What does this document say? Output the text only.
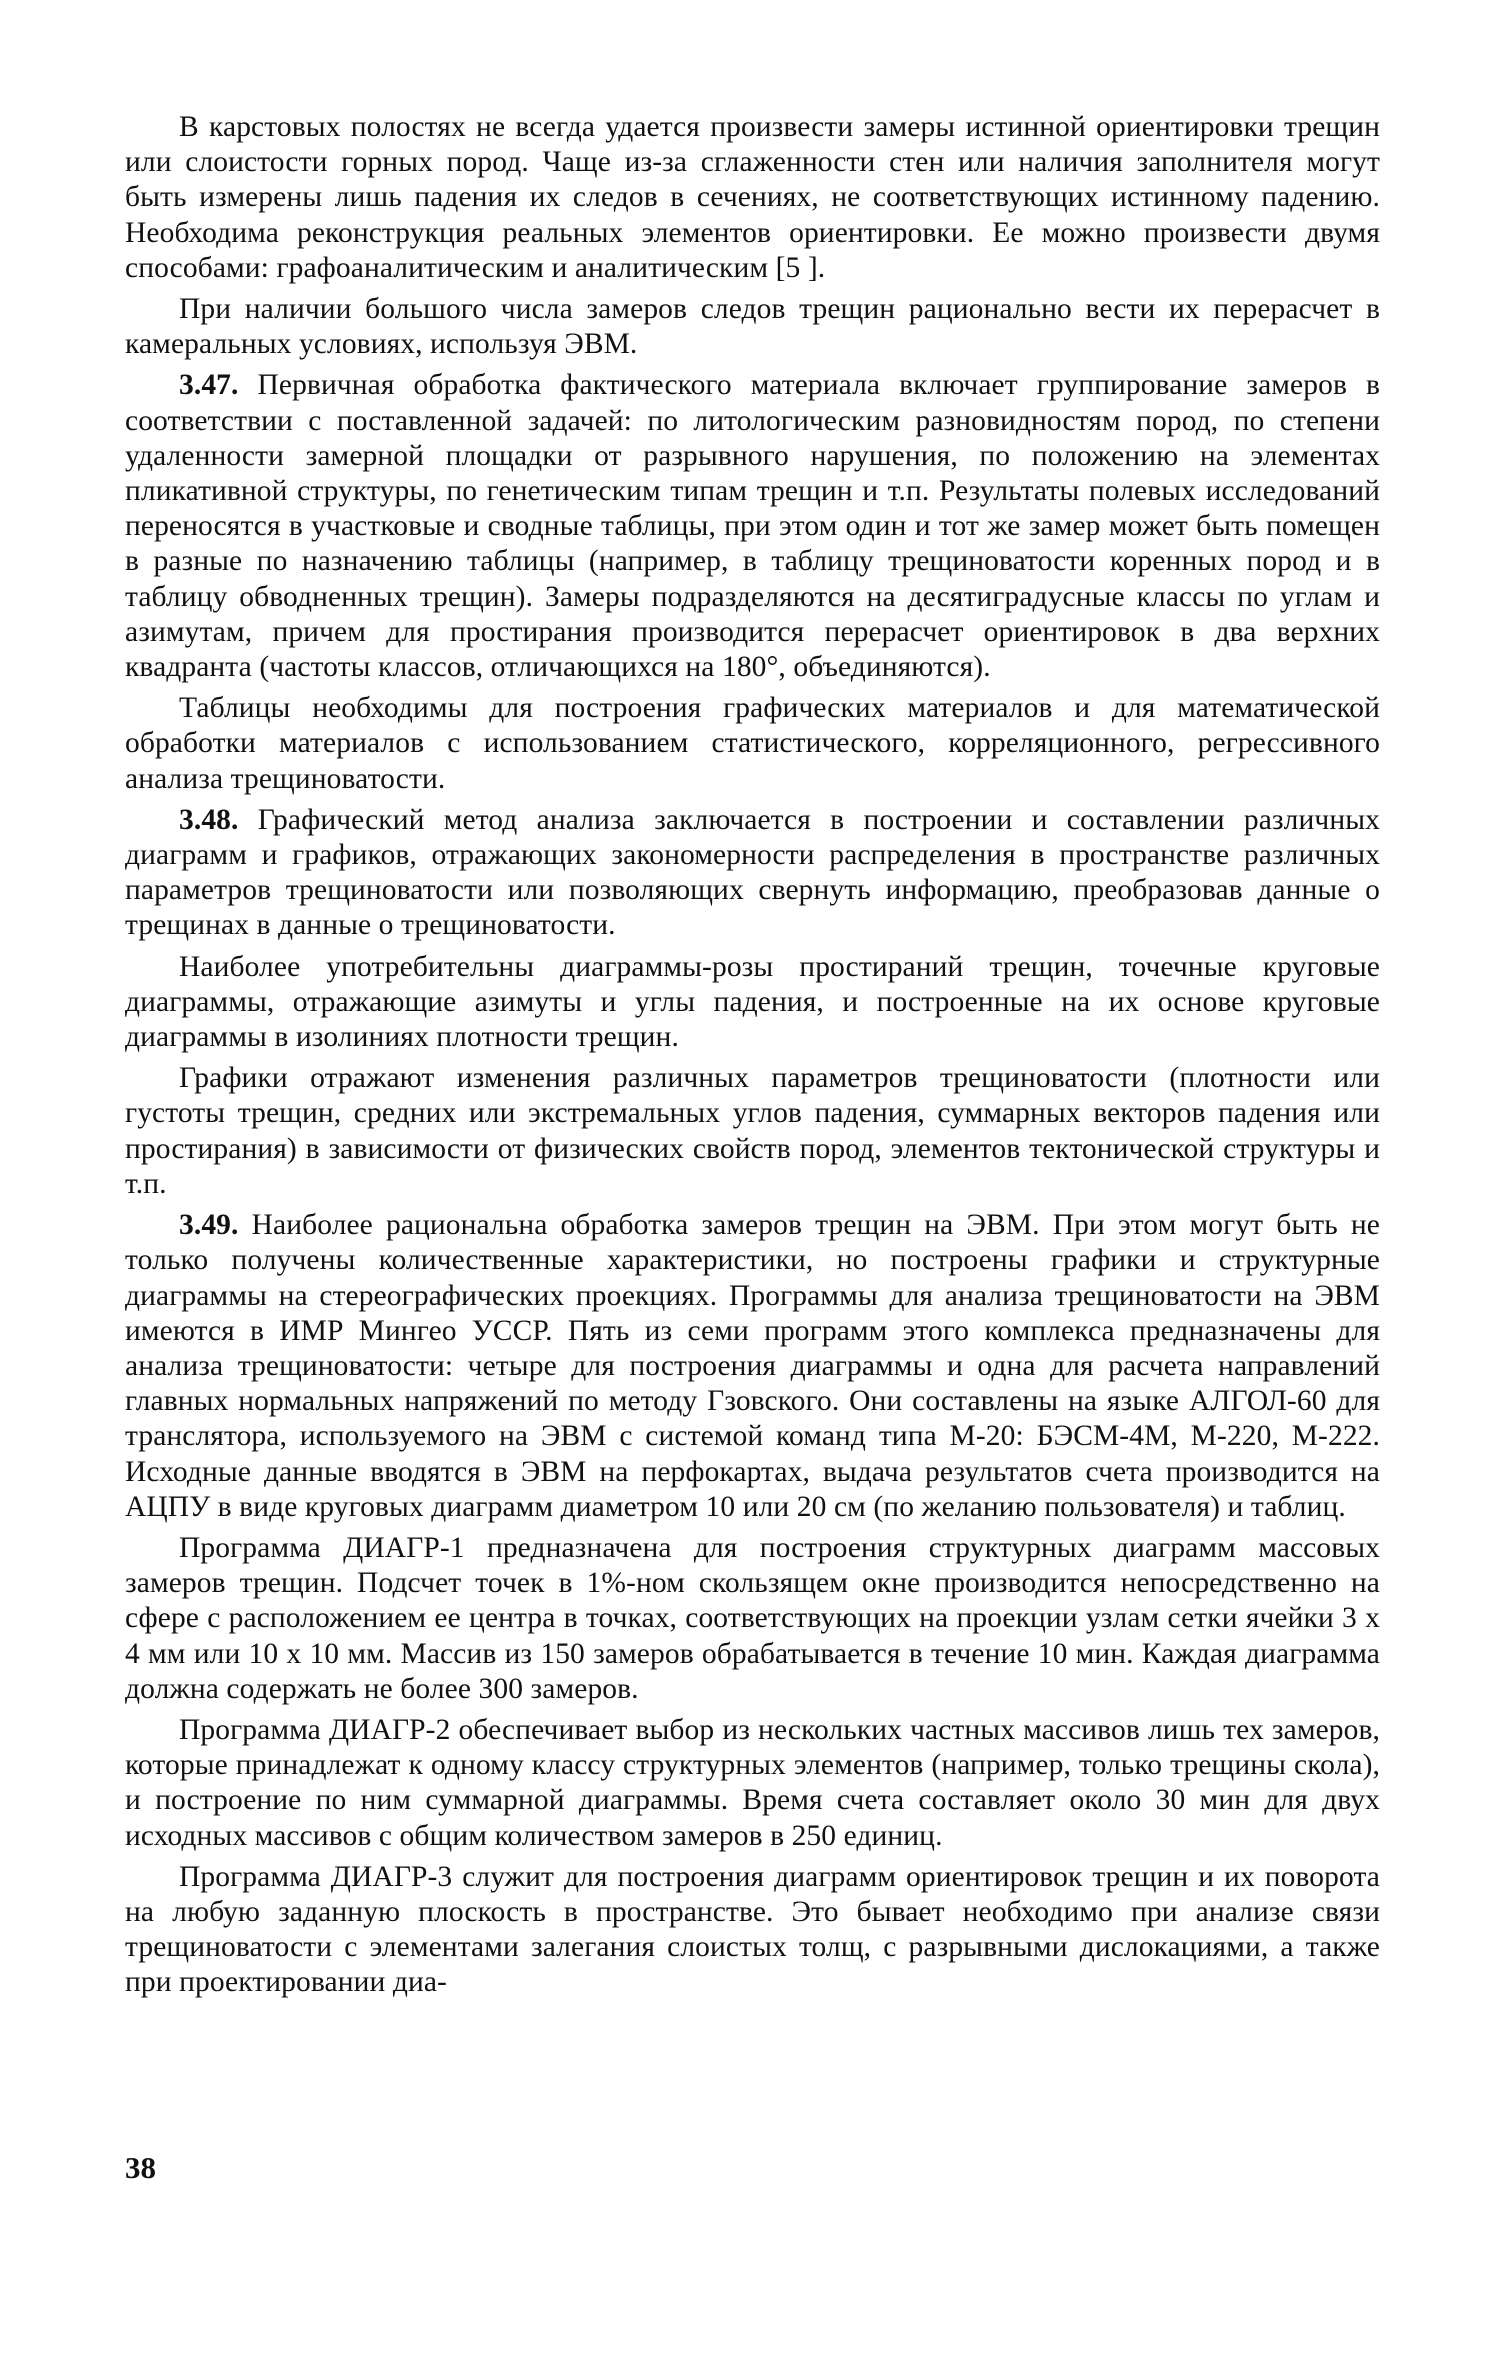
В карстовых полостях не всегда удается произвести замеры истинной ориентировки трещин или слоистости горных пород. Чаще из-за сглаженности стен или наличия заполнителя могут быть измерены лишь падения их следов в сечениях, не соответствующих истинному падению. Необходима реконструкция реальных элементов ориентировки. Ее можно произвести двумя способами: графоаналитическим и аналитическим [5 ].

При наличии большого числа замеров следов трещин рационально вести их перерасчет в камеральных условиях, используя ЭВМ.

3.47. Первичная обработка фактического материала включает группирование замеров в соответствии с поставленной задачей: по литологическим разновидностям пород, по степени удаленности замерной площадки от разрывного нарушения, по положению на элементах пликативной структуры, по генетическим типам трещин и т.п. Результаты полевых исследований переносятся в участковые и сводные таблицы, при этом один и тот же замер может быть помещен в разные по назначению таблицы (например, в таблицу трещиноватости коренных пород и в таблицу обводненных трещин). Замеры подразделяются на десятиградусные классы по углам и азимутам, причем для простирания производится перерасчет ориентировок в два верхних квадранта (частоты классов, отличающихся на 180°, объединяются).

Таблицы необходимы для построения графических материалов и для математической обработки материалов с использованием статистического, корреляционного, регрессивного анализа трещиноватости.

3.48. Графический метод анализа заключается в построении и составлении различных диаграмм и графиков, отражающих закономерности распределения в пространстве различных параметров трещиноватости или позволяющих свернуть информацию, преобразовав данные о трещинах в данные о трещиноватости.

Наиболее употребительны диаграммы-розы простираний трещин, точечные круговые диаграммы, отражающие азимуты и углы падения, и построенные на их основе круговые диаграммы в изолиниях плотности трещин.

Графики отражают изменения различных параметров трещиноватости (плотности или густоты трещин, средних или экстремальных углов падения, суммарных векторов падения или простирания) в зависимости от физических свойств пород, элементов тектонической структуры и т.п.

3.49. Наиболее рациональна обработка замеров трещин на ЭВМ. При этом могут быть не только получены количественные характеристики, но построены графики и структурные диаграммы на стереографических проекциях. Программы для анализа трещиноватости на ЭВМ имеются в ИМР Мингео УССР. Пять из семи программ этого комплекса предназначены для анализа трещиноватости: четыре для построения диаграммы и одна для расчета направлений главных нормальных напряжений по методу Гзовского. Они составлены на языке АЛГОЛ-60 для транслятора, используемого на ЭВМ с системой команд типа М-20: БЭСМ-4М, М-220, М-222. Исходные данные вводятся в ЭВМ на перфокартах, выдача результатов счета производится на АЦПУ в виде круговых диаграмм диаметром 10 или 20 см (по желанию пользователя) и таблиц.

Программа ДИАГР-1 предназначена для построения структурных диаграмм массовых замеров трещин. Подсчет точек в 1%-ном скользящем окне производится непосредственно на сфере с расположением ее центра в точках, соответствующих на проекции узлам сетки ячейки 3 х 4 мм или 10 х 10 мм. Массив из 150 замеров обрабатывается в течение 10 мин. Каждая диаграмма должна содержать не более 300 замеров.

Программа ДИАГР-2 обеспечивает выбор из нескольких частных массивов лишь тех замеров, которые принадлежат к одному классу структурных элементов (например, только трещины скола), и построение по ним суммарной диаграммы. Время счета составляет около 30 мин для двух исходных массивов с общим количеством замеров в 250 единиц.

Программа ДИАГР-3 служит для построения диаграмм ориентировок трещин и их поворота на любую заданную плоскость в пространстве. Это бывает необходимо при анализе связи трещиноватости с элементами залегания слоистых толщ, с разрывными дислокациями, а также при проектировании диа-

38
